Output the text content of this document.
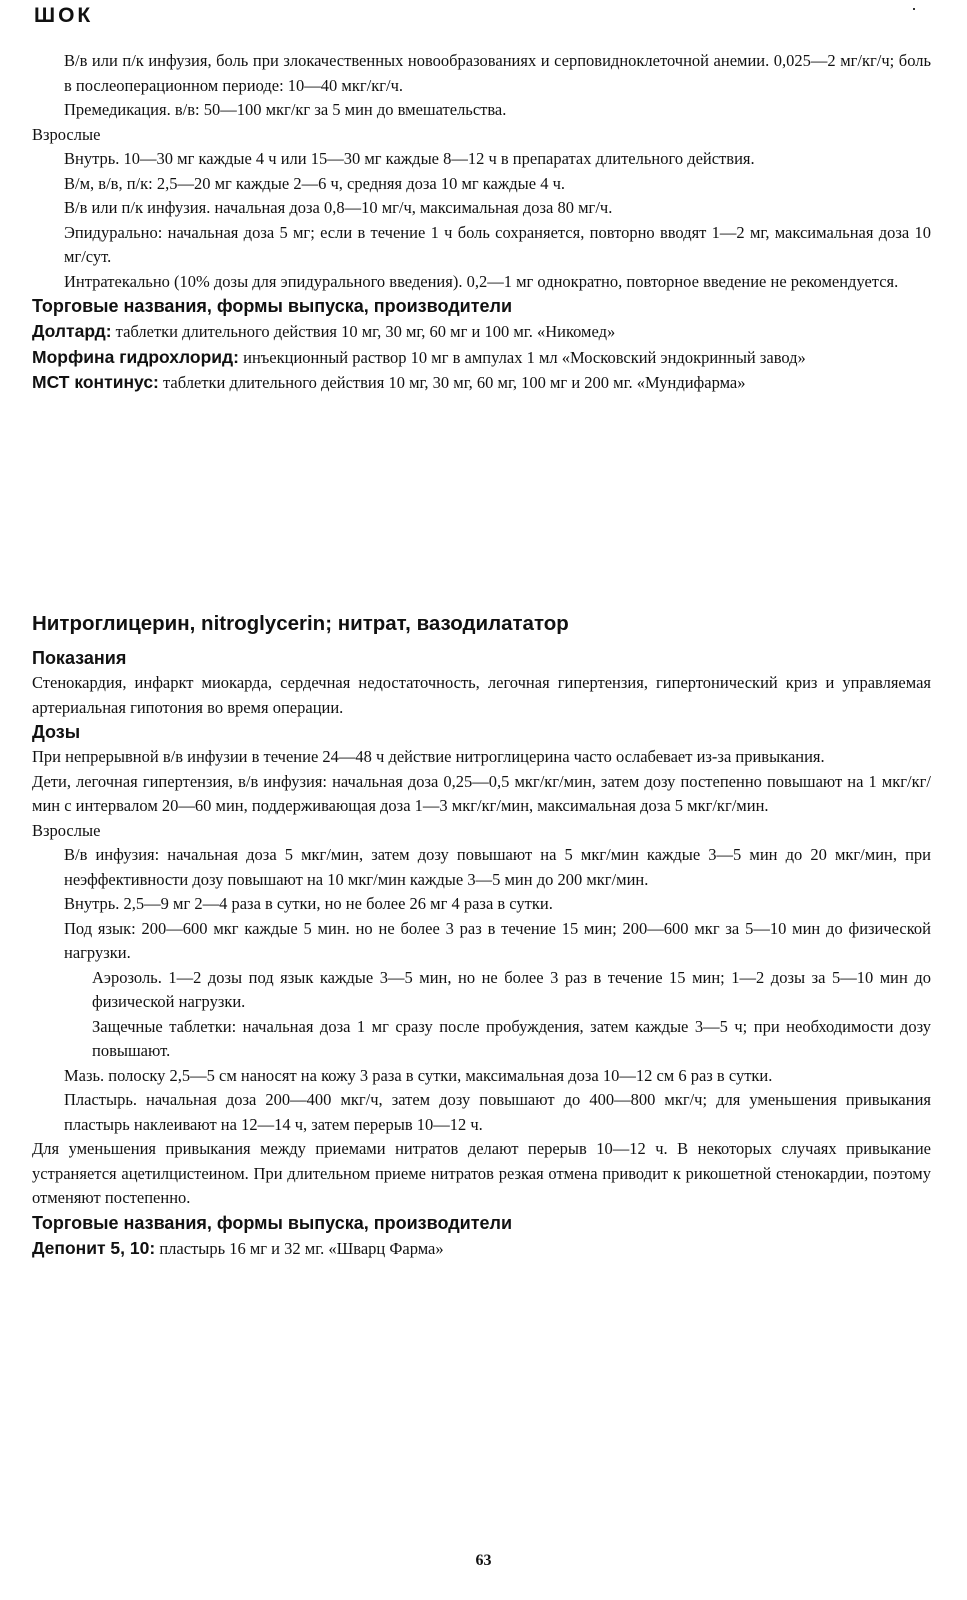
ШОК

В/в или п/к инфузия, боль при злокачественных новообразованиях и серповидноклеточной анемии. 0,025—2 мг/кг/ч; боль в послеоперационном периоде: 10—40 мкг/кг/ч.

Премедикация. в/в: 50—100 мкг/кг за 5 мин до вмешательства.

Взрослые

Внутрь. 10—30 мг каждые 4 ч или 15—30 мг каждые 8—12 ч в препаратах длительного действия.

В/м, в/в, п/к: 2,5—20 мг каждые 2—6 ч, средняя доза 10 мг каждые 4 ч.

В/в или п/к инфузия. начальная доза 0,8—10 мг/ч, максимальная доза 80 мг/ч.

Эпидурально: начальная доза 5 мг; если в течение 1 ч боль сохраняется, повторно вводят 1—2 мг, максимальная доза 10 мг/сут.

Интратекально (10% дозы для эпидурального введения). 0,2—1 мг однократно, повторное введение не рекомендуется.

Торговые названия, формы выпуска, производители

Долтард: таблетки длительного действия 10 мг, 30 мг, 60 мг и 100 мг. «Никомед»

Морфина гидрохлорид: инъекционный раствор 10 мг в ампулах 1 мл «Московский эндокринный завод»

МСТ континус: таблетки длительного действия 10 мг, 30 мг, 60 мг, 100 мг и 200 мг. «Мундифарма»

Нитроглицерин, nitroglycerin; нитрат, вазодилататор

Показания

Стенокардия, инфаркт миокарда, сердечная недостаточность, легочная гипертензия, гипертонический криз и управляемая артериальная гипотония во время операции.

Дозы

При непрерывной в/в инфузии в течение 24—48 ч действие нитроглицерина часто ослабевает из-за привыкания.

Дети, легочная гипертензия, в/в инфузия: начальная доза 0,25—0,5 мкг/кг/мин, затем дозу постепенно повышают на 1 мкг/кг/мин с интервалом 20—60 мин, поддерживающая доза 1—3 мкг/кг/мин, максимальная доза 5 мкг/кг/мин.

Взрослые

В/в инфузия: начальная доза 5 мкг/мин, затем дозу повышают на 5 мкг/мин каждые 3—5 мин до 20 мкг/мин, при неэффективности дозу повышают на 10 мкг/мин каждые 3—5 мин до 200 мкг/мин.

Внутрь. 2,5—9 мг 2—4 раза в сутки, но не более 26 мг 4 раза в сутки.

Под язык: 200—600 мкг каждые 5 мин. но не более 3 раз в течение 15 мин; 200—600 мкг за 5—10 мин до физической нагрузки.

Аэрозоль. 1—2 дозы под язык каждые 3—5 мин, но не более 3 раз в течение 15 мин; 1—2 дозы за 5—10 мин до физической нагрузки.

Защечные таблетки: начальная доза 1 мг сразу после пробуждения, затем каждые 3—5 ч; при необходимости дозу повышают.

Мазь. полоску 2,5—5 см наносят на кожу 3 раза в сутки, максимальная доза 10—12 см 6 раз в сутки.

Пластырь. начальная доза 200—400 мкг/ч, затем дозу повышают до 400—800 мкг/ч; для уменьшения привыкания пластырь наклеивают на 12—14 ч, затем перерыв 10—12 ч.

Для уменьшения привыкания между приемами нитратов делают перерыв 10—12 ч. В некоторых случаях привыкание устраняется ацетилцистеином. При длительном приеме нитратов резкая отмена приводит к рикошетной стенокардии, поэтому отменяют постепенно.

Торговые названия, формы выпуска, производители

Депонит 5, 10: пластырь 16 мг и 32 мг. «Шварц Фарма»

63
